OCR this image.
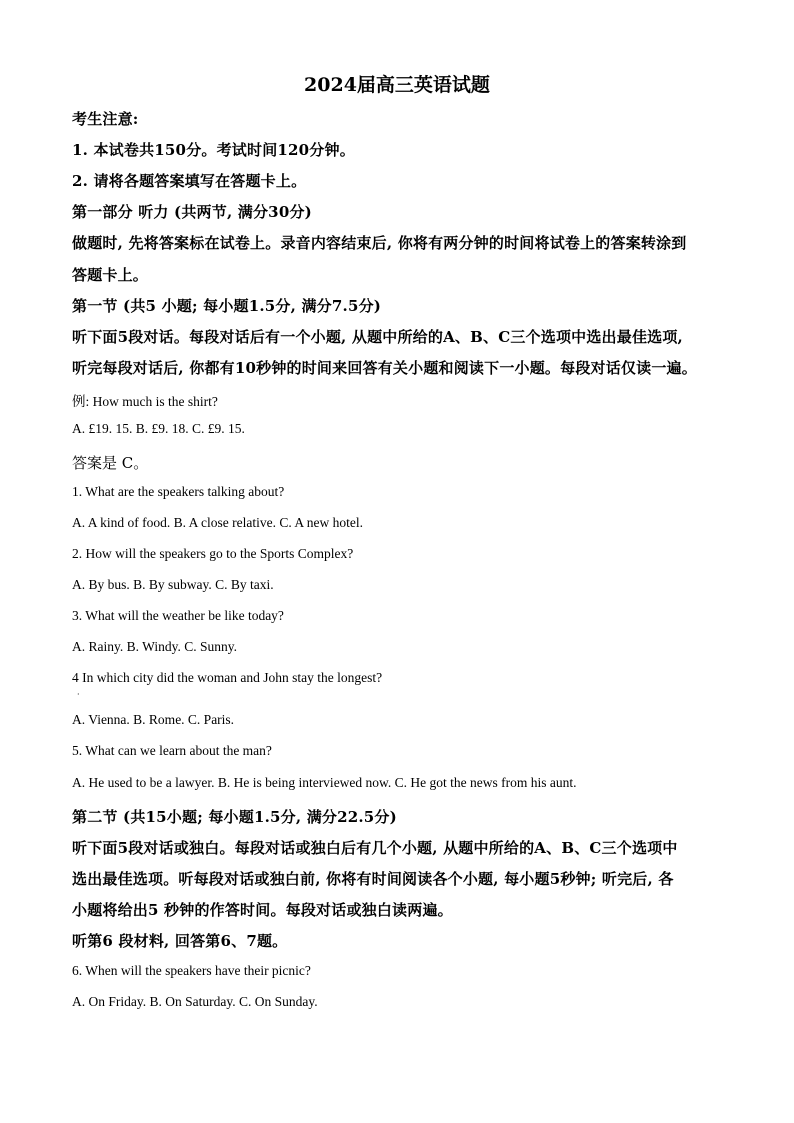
2024届高三英语试题
考生注意:
1. 本试卷共150分。考试时间120分钟。
2. 请将各题答案填写在答题卡上。
第一部分 听力 (共两节, 满分30分)
做题时, 先将答案标在试卷上。录音内容结束后, 你将有两分钟的时间将试卷上的答案转涂到
答题卡上。
第一节 (共5 小题; 每小题1.5分, 满分7.5分)
听下面5段对话。每段对话后有一个小题, 从题中所给的A、B、C三个选项中选出最佳选项,
听完每段对话后, 你都有10秒钟的时间来回答有关小题和阅读下一小题。每段对话仅读一遍。
例: How much is the shirt?
A. £19. 15. B. £9. 18. C. £9. 15.
答案是 C。
1. What are the speakers talking about?
A. A kind of food. B. A close relative. C. A new hotel.
2. How will the speakers go to the Sports Complex?
A. By bus. B. By subway. C. By taxi.
3. What will the weather be like today?
A. Rainy. B. Windy. C. Sunny.
4 In which city did the woman and John stay the longest?
·
A. Vienna. B. Rome. C. Paris.
5. What can we learn about the man?
A. He used to be a lawyer. B. He is being interviewed now. C. He got the news from his aunt.
第二节 (共15小题; 每小题1.5分, 满分22.5分)
听下面5段对话或独白。每段对话或独白后有几个小题, 从题中所给的A、B、C三个选项中
选出最佳选项。听每段对话或独白前, 你将有时间阅读各个小题, 每小题5秒钟; 听完后, 各
小题将给出5 秒钟的作答时间。每段对话或独白读两遍。
听第6 段材料, 回答第6、7题。
6. When will the speakers have their picnic?
A. On Friday. B. On Saturday. C. On Sunday.
